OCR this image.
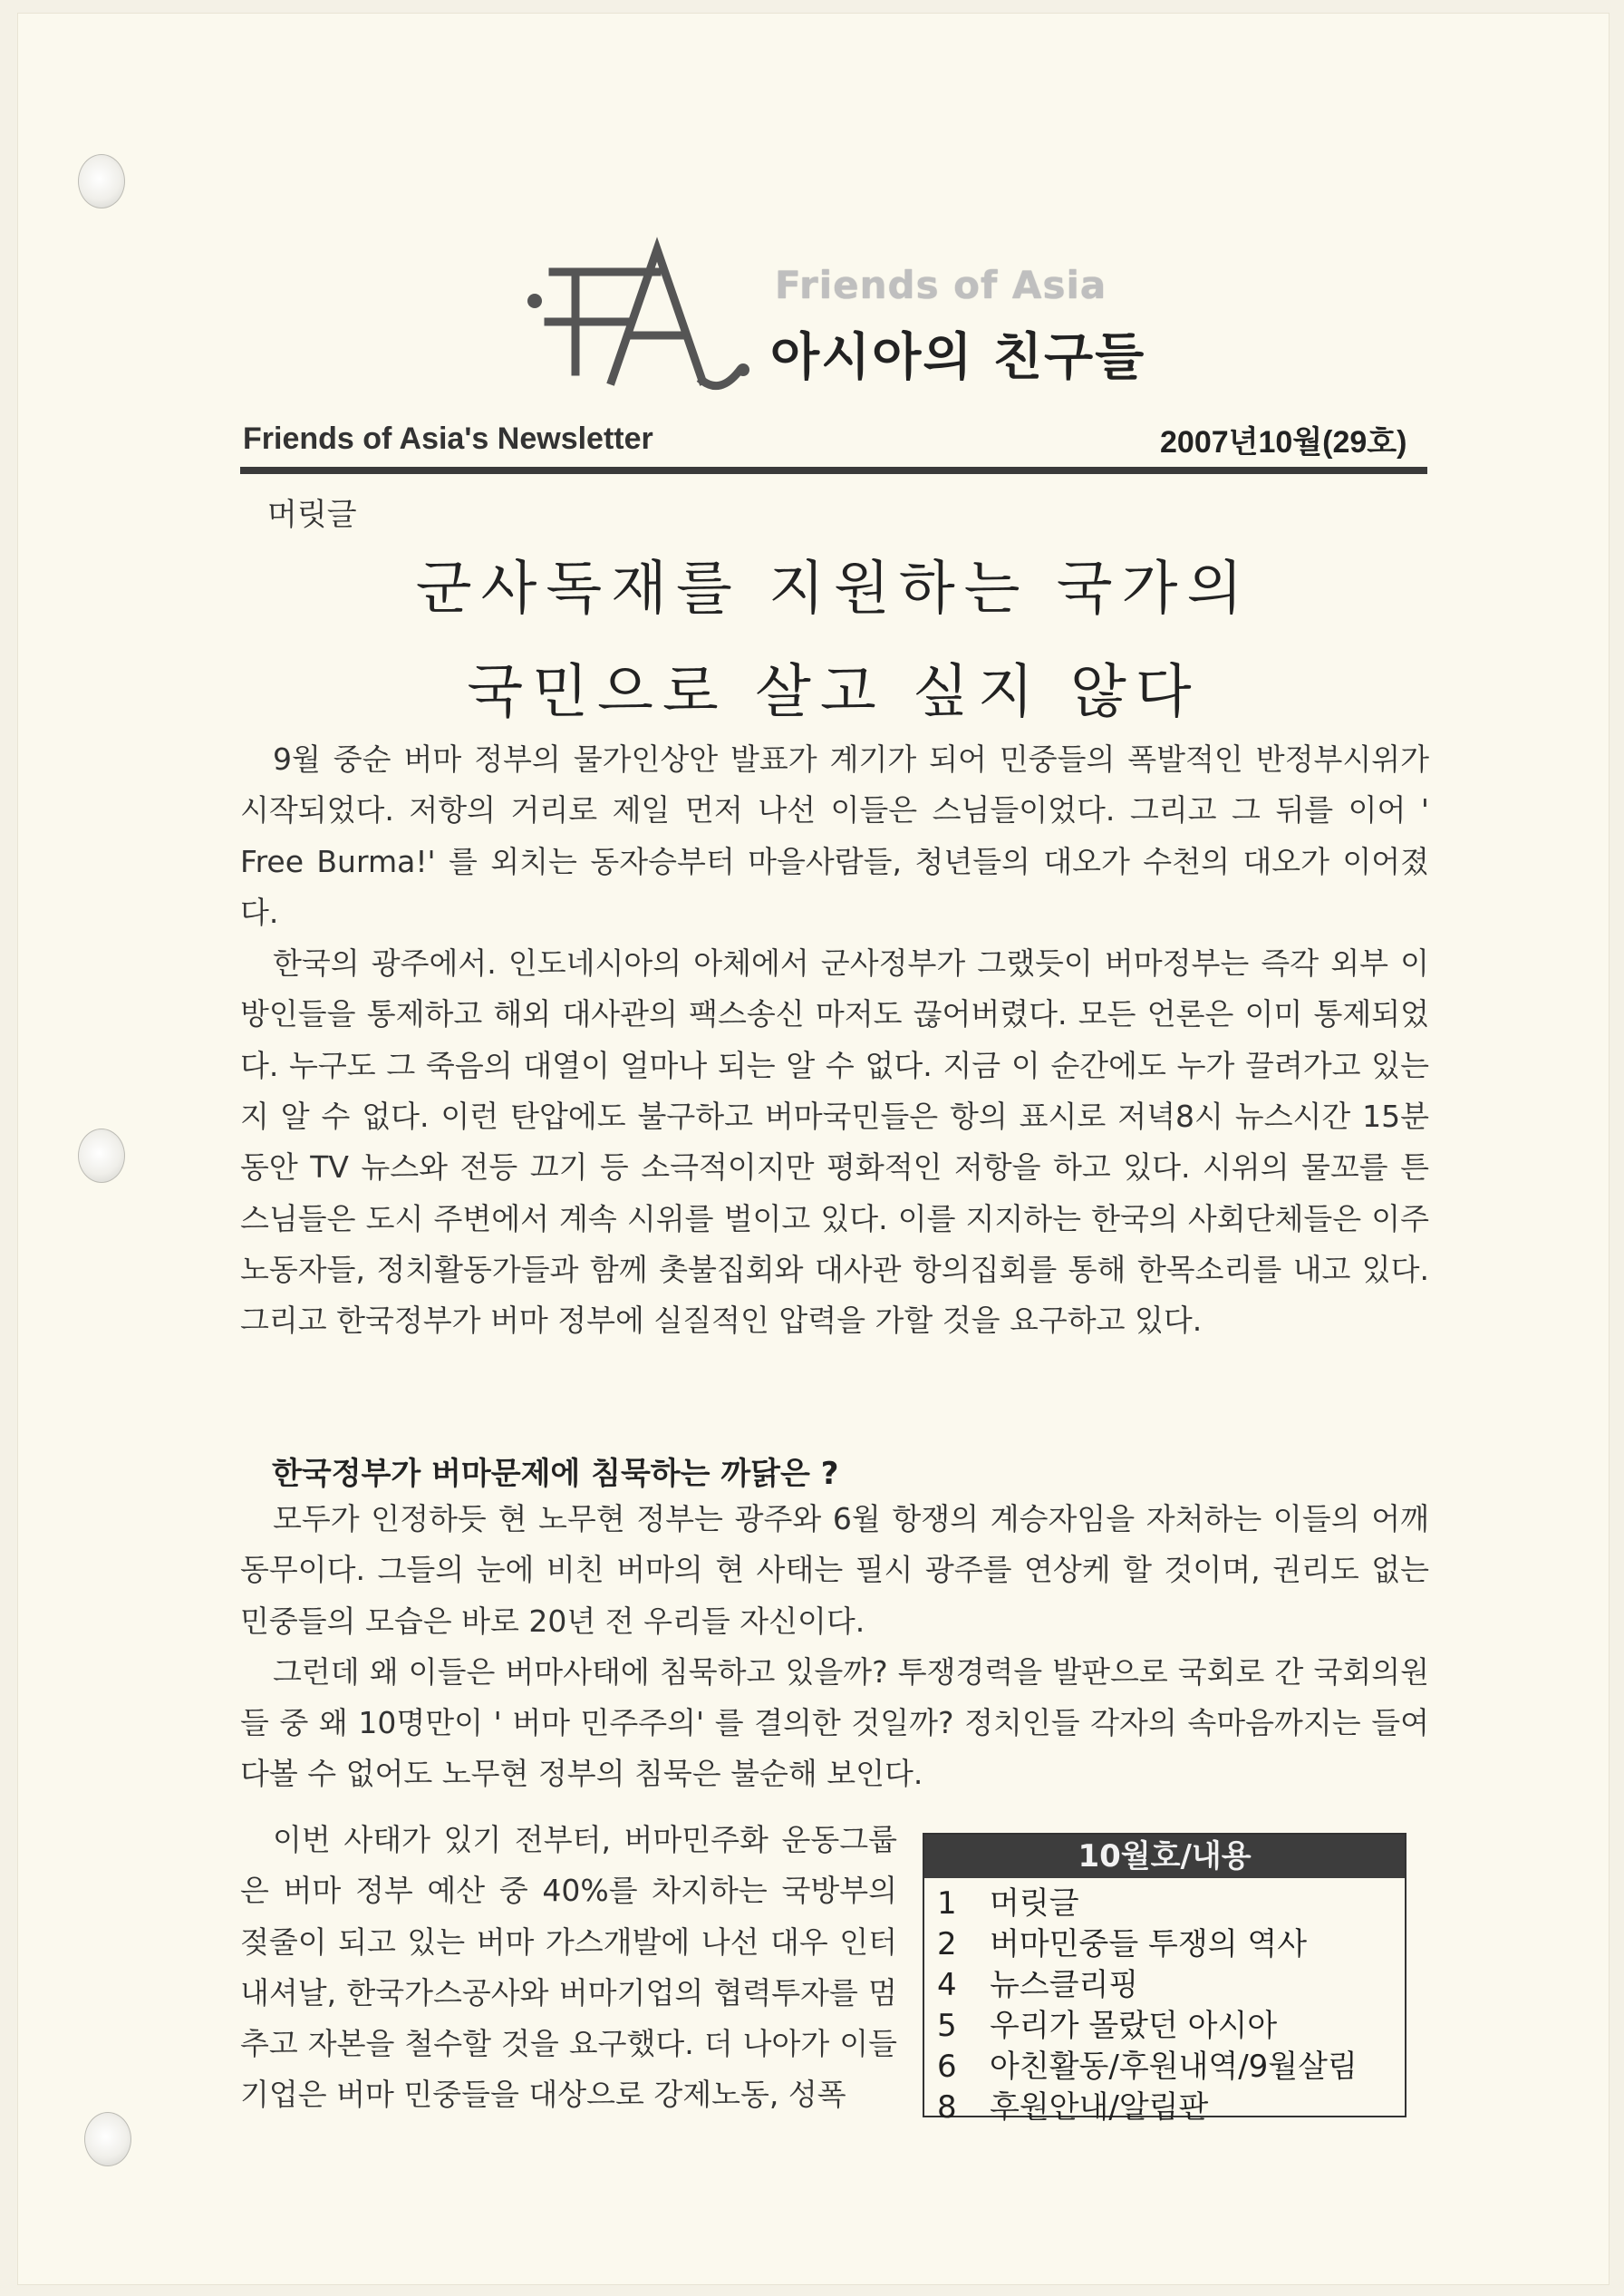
Friends of Asia
아시아의 친구들
Friends of Asia's Newsletter	2007년10월(29호)
머릿글
군사독재를 지원하는 국가의
국민으로 살고 싶지 않다

9월 중순 버마 정부의 물가인상안 발표가 계기가 되어 민중들의 폭발적인 반정부시위가 시작되었다. 저항의 거리로 제일 먼저 나선 이들은 스님들이었다. 그리고 그 뒤를 이어 ' Free Burma!' 를 외치는 동자승부터 마을사람들, 청년들의 대오가 수천의 대오가 이어졌다.

한국의 광주에서. 인도네시아의 아체에서 군사정부가 그랬듯이 버마정부는 즉각 외부 이방인들을 통제하고 해외 대사관의 팩스송신 마저도 끊어버렸다. 모든 언론은 이미 통제되었다. 누구도 그 죽음의 대열이 얼마나 되는 알 수 없다. 지금 이 순간에도 누가 끌려가고 있는 지 알 수 없다. 이런 탄압에도 불구하고 버마국민들은 항의 표시로 저녁8시 뉴스시간 15분 동안 TV 뉴스와 전등 끄기 등 소극적이지만 평화적인 저항을 하고 있다. 시위의 물꼬를 튼 스님들은 도시 주변에서 계속 시위를 벌이고 있다. 이를 지지하는 한국의 사회단체들은 이주노동자들, 정치활동가들과 함께 촛불집회와 대사관 항의집회를 통해 한목소리를 내고 있다. 그리고 한국정부가 버마 정부에 실질적인 압력을 가할 것을 요구하고 있다.

한국정부가 버마문제에 침묵하는 까닭은 ?

모두가 인정하듯 현 노무현 정부는 광주와 6월 항쟁의 계승자임을 자처하는 이들의 어깨동무이다. 그들의 눈에 비친 버마의 현 사태는 필시 광주를 연상케 할 것이며, 권리도 없는 민중들의 모습은 바로 20년 전 우리들 자신이다.

그런데 왜 이들은 버마사태에 침묵하고 있을까? 투쟁경력을 발판으로 국회로 간 국회의원들 중 왜 10명만이 ' 버마 민주주의' 를 결의한 것일까? 정치인들 각자의 속마음까지는 들여다볼 수 없어도 노무현 정부의 침묵은 불순해 보인다.

이번 사태가 있기 전부터, 버마민주화 운동그룹은 버마 정부 예산 중 40%를 차지하는 국방부의 젖줄이 되고 있는 버마 가스개발에 나선 대우 인터내셔날, 한국가스공사와 버마기업의 협력투자를 멈추고 자본을 철수할 것을 요구했다. 더 나아가 이들 기업은 버마 민중들을 대상으로 강제노동, 성폭

10월호/내용
1	머릿글
2	버마민중들 투쟁의 역사
4	뉴스클리핑
5	우리가 몰랐던 아시아
6	아친활동/후원내역/9월살림
8	후원안내/알림판
